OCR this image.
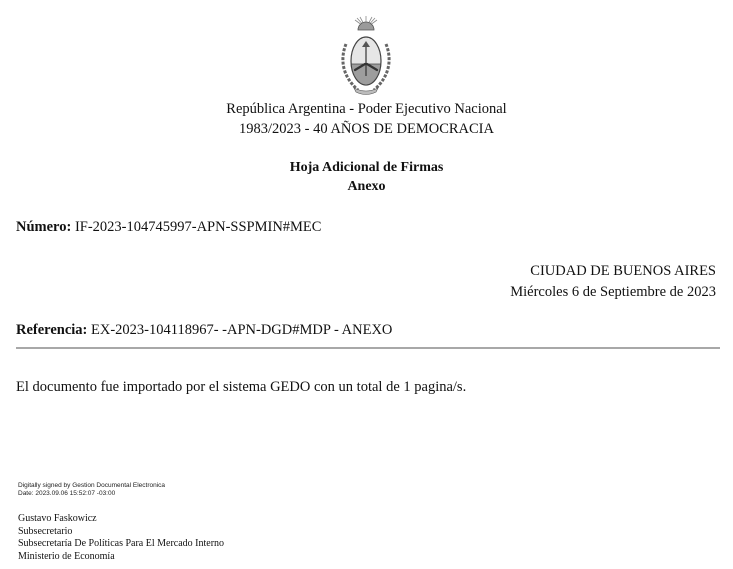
República Argentina - Poder Ejecutivo Nacional
1983/2023 - 40 AÑOS DE DEMOCRACIA
Hoja Adicional de Firmas
Anexo
Número: IF-2023-104745997-APN-SSPMIN#MEC
CIUDAD DE BUENOS AIRES
Miércoles 6 de Septiembre de 2023
Referencia: EX-2023-104118967- -APN-DGD#MDP - ANEXO
El documento fue importado por el sistema GEDO con un total de 1 pagina/s.
Digitally signed by Gestion Documental Electronica
Date: 2023.09.06 15:52:07 -03:00
Gustavo Faskowicz
Subsecretario
Subsecretaría De Políticas Para El Mercado Interno
Ministerio de Economía
